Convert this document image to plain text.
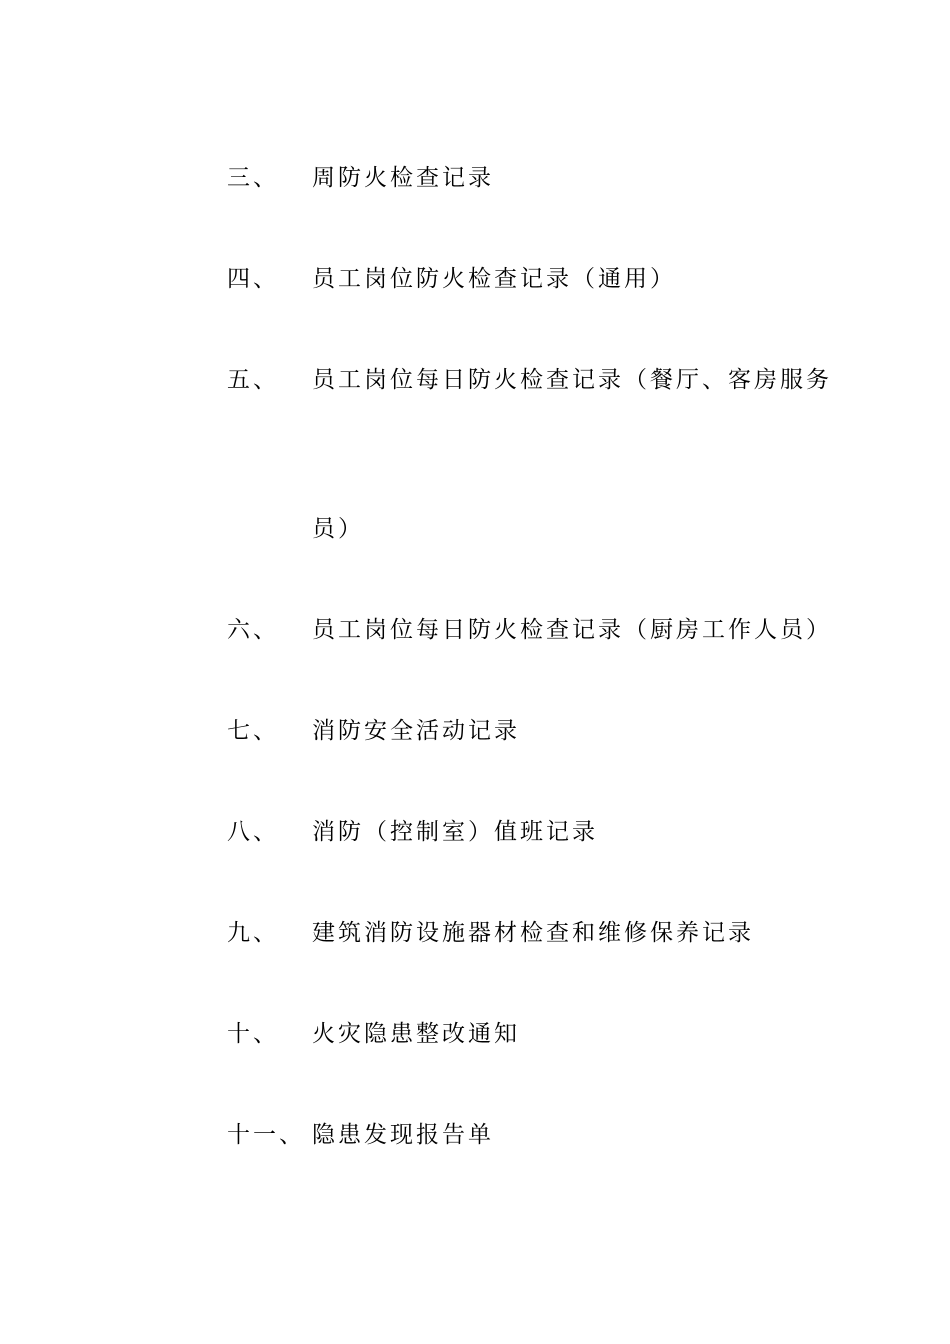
三、 周防火检查记录
四、 员工岗位防火检查记录（通用）
五、 员工岗位每日防火检查记录（餐厅、客房服务
员）
六、 员工岗位每日防火检查记录（厨房工作人员）
七、 消防安全活动记录
八、 消防（控制室）值班记录
九、 建筑消防设施器材检查和维修保养记录
十、 火灾隐患整改通知
十一、 隐患发现报告单
